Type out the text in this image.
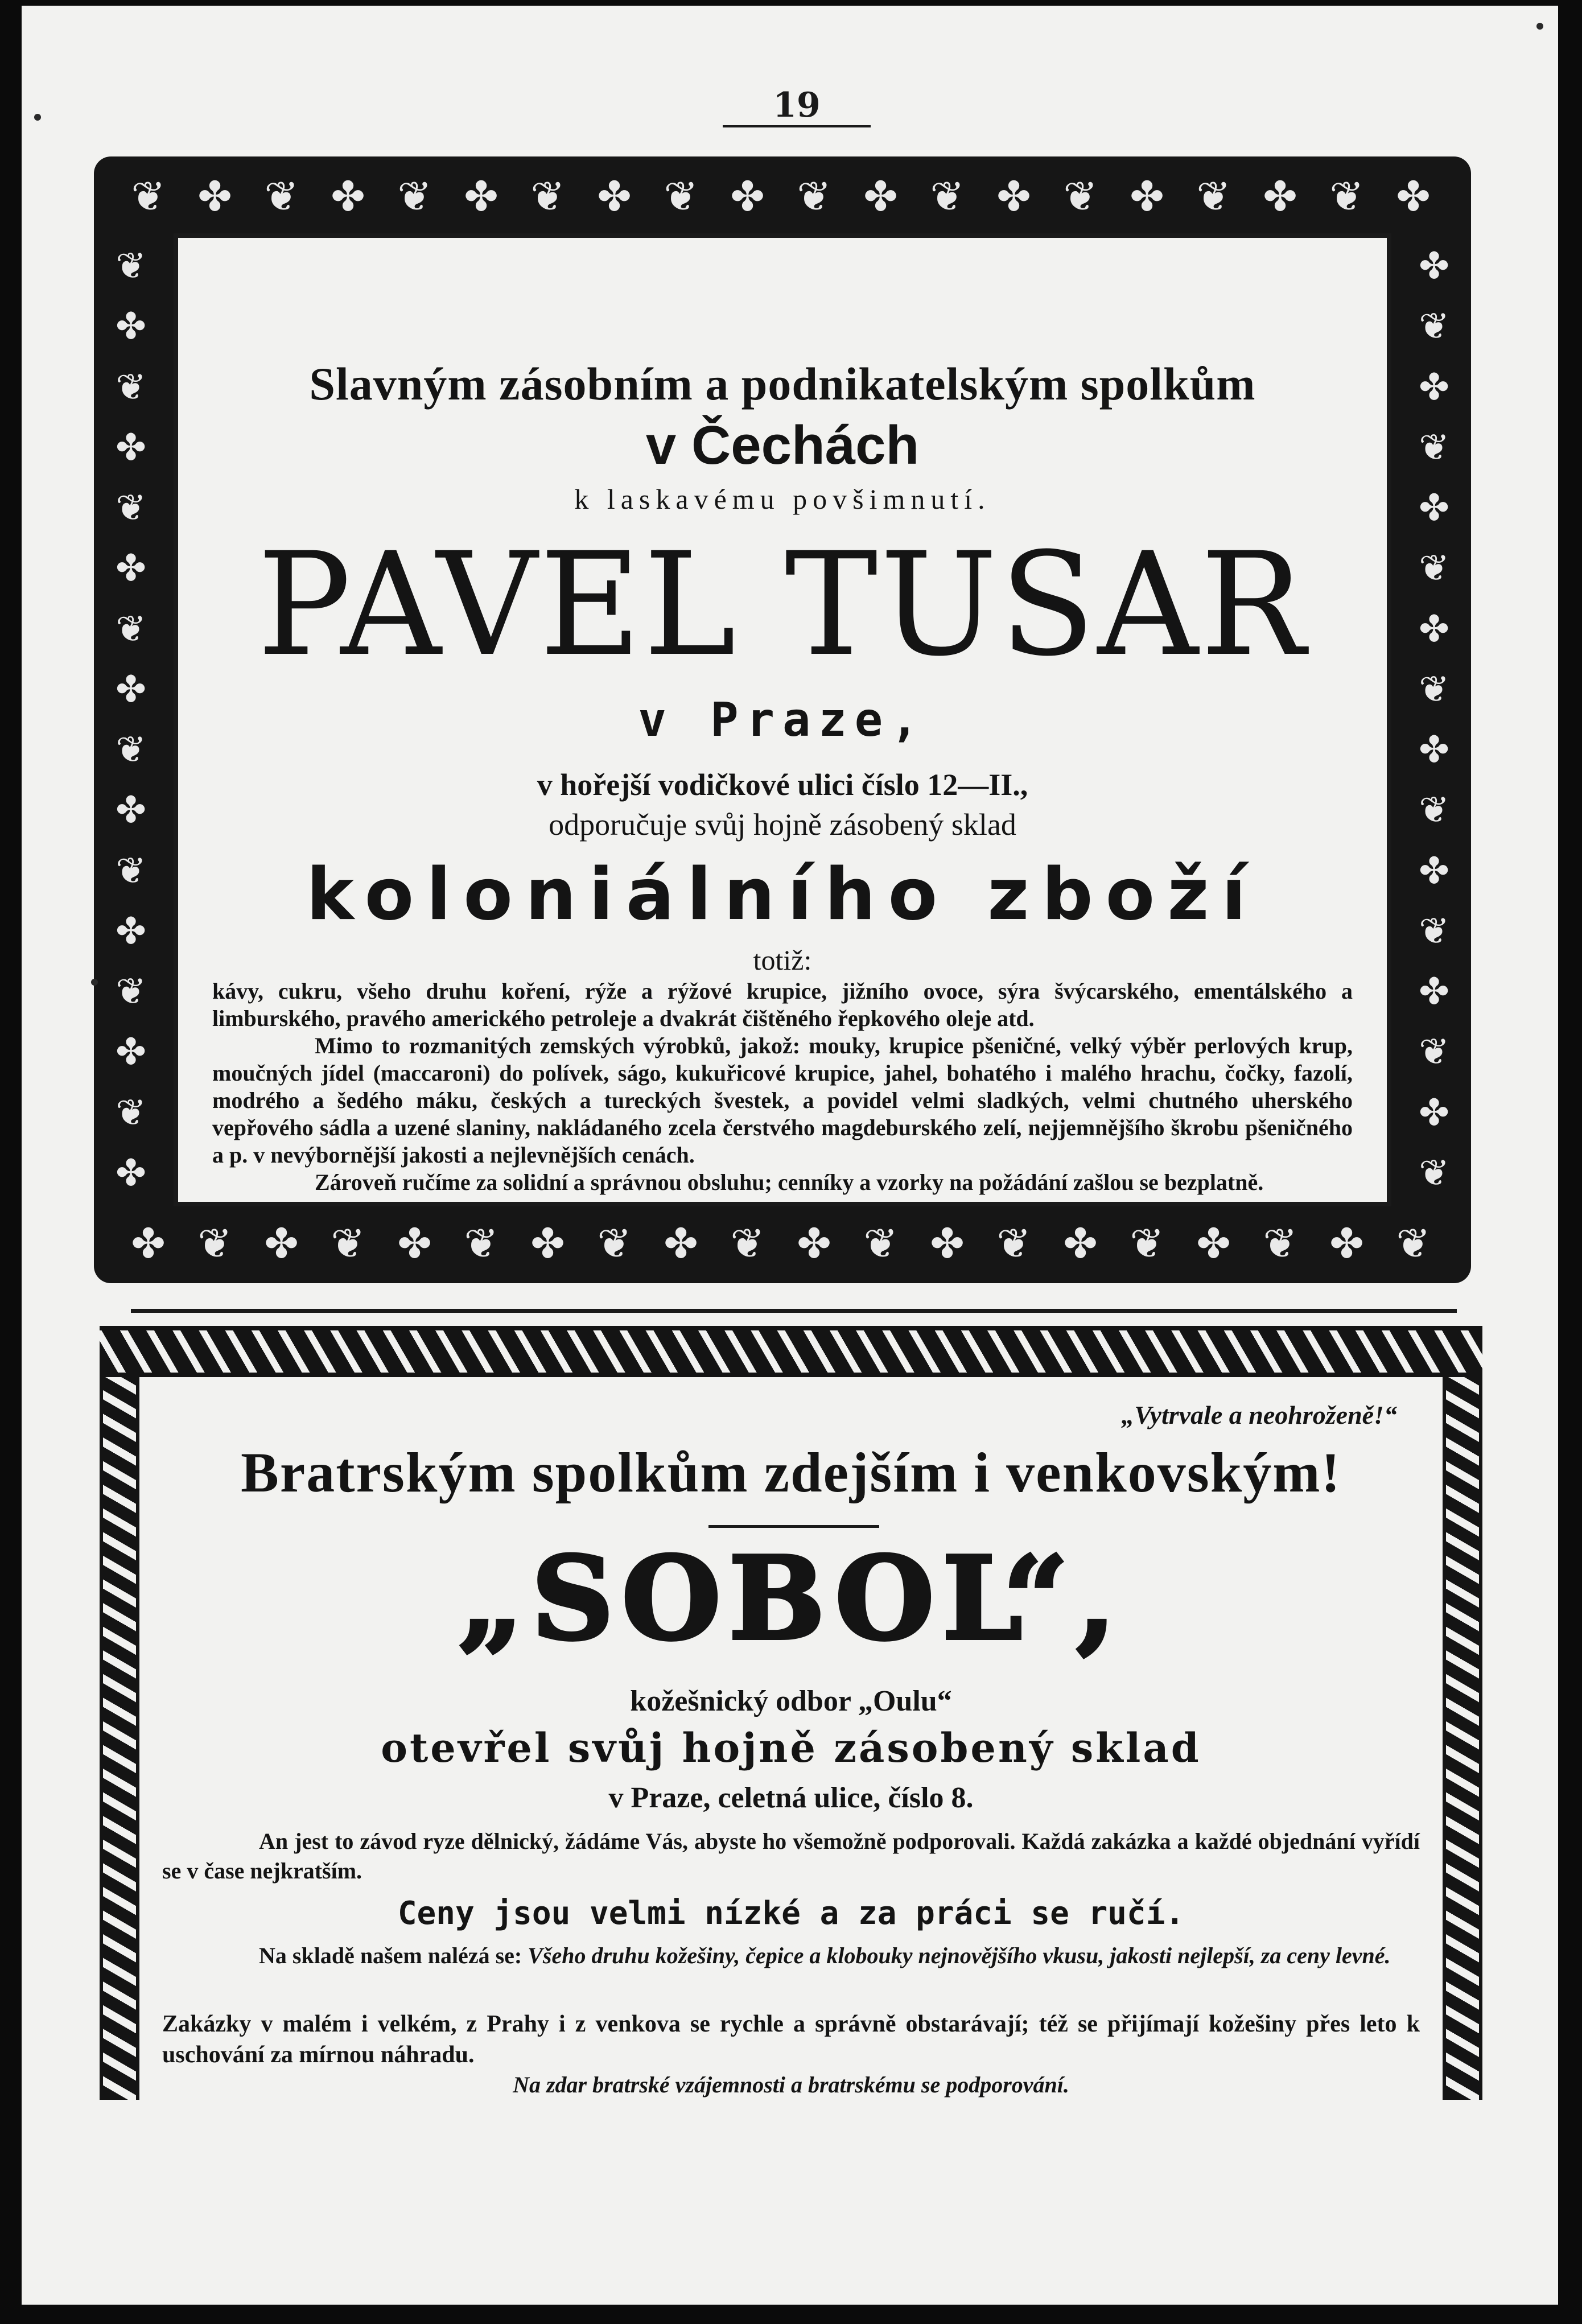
19
❦ ✤ ❦ ✤ ❦ ✤ ❦ ✤ ❦ ✤ ❦ ✤ ❦ ✤ ❦ ✤ ❦ ✤ ❦ ✤
❦
✤
❦
✤
❦
✤
❦
✤
❦
✤
❦
✤
❦
✤
❦
✤
✤
❦
✤
❦
✤
❦
✤
❦
✤
❦
✤
❦
✤
❦
✤
❦
✤ ❦ ✤ ❦ ✤ ❦ ✤ ❦ ✤ ❦ ✤ ❦ ✤ ❦ ✤ ❦ ✤ ❦ ✤ ❦
Slavným zásobním a podnikatelským spolkům
v Čechách
k laskavému povšimnutí.
PAVEL TUSAR
v Praze,
v hořejší vodičkové ulici číslo 12—II.,
odporučuje svůj hojně zásobený sklad
koloniálního zboží
totiž:

kávy, cukru, všeho druhu koření, rýže a rýžové krupice, jižního ovoce, sýra švýcarského, ementálského a limburského, pravého amerického petroleje a dvakrát čištěného řepkového oleje atd.

Mimo to rozmanitých zemských výrobků, jakož: mouky, krupice pšeničné, velký výběr perlových krup, moučných jídel (maccaroni) do polívek, ságo, kukuřicové krupice, jahel, bohatého i malého hrachu, čočky, fazolí, modrého a šedého máku, českých a tureckých švestek, a povidel velmi sladkých, velmi chutného uherského vepřového sádla a uzené slaniny, nakládaného zcela čerstvého magdeburského zelí, nejjemnějšího škrobu pšeničného a p. v nevýbornější jakosti a nejlevnějších cenách.

Zároveň ručíme za solidní a správnou obsluhu; cenníky a vzorky na požádání zašlou se bezplatně.

„Vytrvale a neohroženě!“
Bratrským spolkům zdejším i venkovským!
„SOBOL“,
kožešnický odbor „Oulu“
otevřel svůj hojně zásobený sklad
v Praze, celetná ulice, číslo 8.
An jest to závod ryze dělnický, žádáme Vás, abyste ho všemožně podporovali. Každá zakázka a každé objednání vyřídí se v čase nejkratším.
Ceny jsou velmi nízké a za práci se ručí.
Na skladě našem nalézá se: Všeho druhu kožešiny, čepice a klobouky nejnovějšího vkusu, jakosti nejlepší, za ceny levné.
Zakázky v malém i velkém, z Prahy i z venkova se rychle a správně obstarávají; též se přijímají kožešiny přes leto k uschování za mírnou náhradu.
Na zdar bratrské vzájemnosti a bratrskému se podporování.
